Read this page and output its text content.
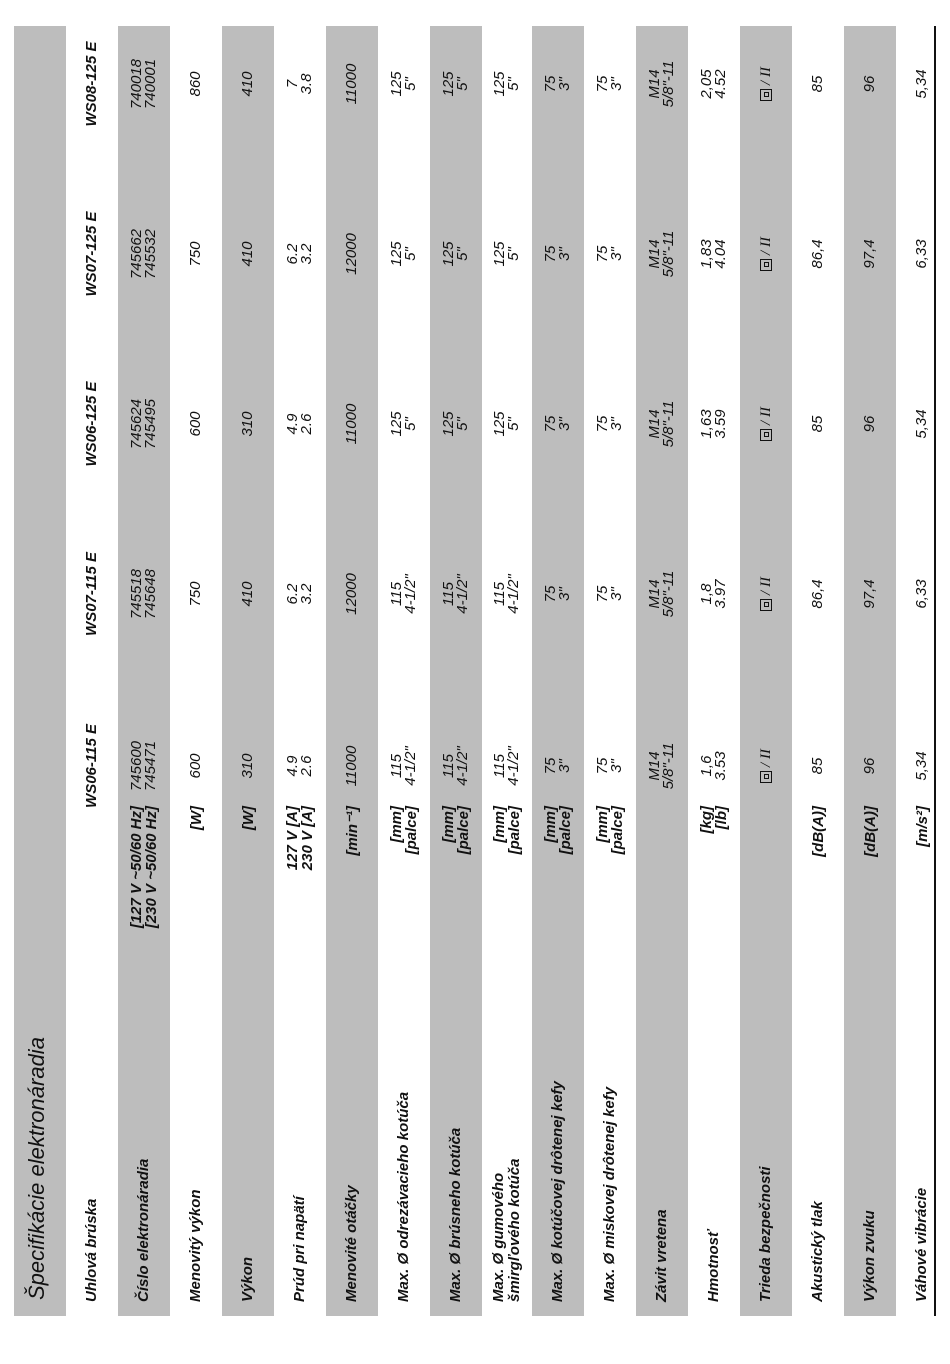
Špecifikácie elektronáradia Uhlová brúska
WS06-115 E
WS07-115 E
WS06-125 E
WS07-125 E
WS08-125 E
Číslo elektronáradia
[127 V ~50/60 Hz]
[230 V ~50/60 Hz]
745600
745471
745518
745648
745624
745495
745662
745532
740018
740001
Menovitý výkon
[W]
600
750
600
750
860
Výkon
[W]
310
410
310
410
410
Prúd pri napätí
127 V [A]
230 V [A]
4.9
2.6
6.2
3.2
4.9
2.6
6.2
3.2
7
3.8
Menovité otáčky
[min⁻¹]
11000
12000
11000
12000
11000
Max. Ø odrezávacieho kotúča
[mm]
[palce]
115
4-1/2"
115
4-1/2"
125
5"
125
5"
125
5"
Max. Ø brúsneho kotúča
[mm]
[palce]
115
4-1/2"
115
4-1/2"
125
5"
125
5"
125
5"
Max. Ø gumového šmirgľového kotúča
[mm]
[palce]
115
4-1/2"
115
4-1/2"
125
5"
125
5"
125
5"
Max. Ø kotúčovej drôtenej kefy
[mm]
[palce]
75
3"
75
3"
75
3"
75
3"
75
3"
Max. Ø miskovej drôtenej kefy
[mm]
[palce]
75
3"
75
3"
75
3"
75
3"
75
3"
Závit vretena
M14
5/8"-11
M14
5/8"-11
M14
5/8"-11
M14
5/8"-11
M14
5/8"-11
Hmotnosť
[kg]
[lb]
1,6
3.53
1,8
3.97
1,63
3.59
1,83
4.04
2,05
4.52
Trieda bezpečnosti
/ II
/ II
/ II
/ II
/ II
Akustický tlak
[dB(A)]
85
86,4
85
86,4
85
Výkon zvuku
[dB(A)]
96
97,4
96
97,4
96
Váhové vibrácie
[m/s²]
5,34
6,33
5,34
6,33
5,34
